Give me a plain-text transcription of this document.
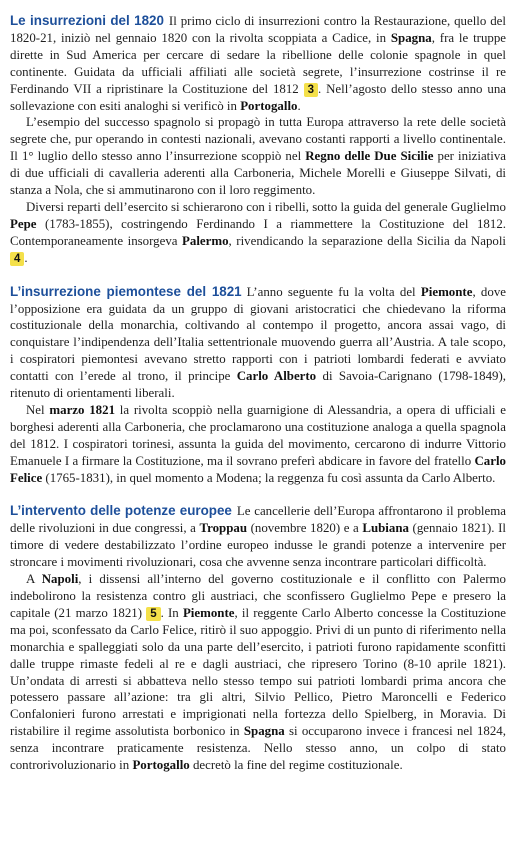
Le insurrezioni del 1820 Il primo ciclo di insurrezioni contro la Restaurazione, quello del 1820-21, iniziò nel gennaio 1820 con la rivolta scoppiata a Cadice, in Spagna, fra le truppe dirette in Sud America per cercare di sedare la ribellione delle colonie spagnole in quel continente. Guidata da ufficiali affiliati alle società segrete, l’insurrezione costrinse il re Ferdinando VII a ripristinare la Costituzione del 1812 3 . Nell’agosto dello stesso anno una sollevazione con esiti analoghi si verificò in Portogallo.

L’esempio del successo spagnolo si propagò in tutta Europa attraverso la rete delle società segrete che, pur operando in contesti nazionali, avevano costanti rapporti a livello continentale. Il 1° luglio dello stesso anno l’insurrezione scoppiò nel Regno delle Due Sicilie per iniziativa di due ufficiali di cavalleria aderenti alla Carboneria, Michele Morelli e Giuseppe Silvati, di stanza a Nola, che si ammutinarono con il loro reggimento.

Diversi reparti dell’esercito si schierarono con i ribelli, sotto la guida del generale Guglielmo Pepe (1783-1855), costringendo Ferdinando I a riammettere la Costituzione del 1812. Contemporaneamente insorgeva Palermo, rivendicando la separazione della Sicilia da Napoli 4 .

L’insurrezione piemontese del 1821 L’anno seguente fu la volta del Piemonte, dove l’opposizione era guidata da un gruppo di giovani aristocratici che chiedevano la riforma costituzionale della monarchia, coltivando al contempo il progetto, ancora assai vago, di conquistare l’indipendenza dell’Italia settentrionale muovendo guerra all’Austria. A tale scopo, i cospiratori piemontesi avevano stretto rapporti con i patrioti lombardi federati e avviato contatti con l’erede al trono, il principe Carlo Alberto di Savoia-Carignano (1798-1849), ritenuto di orientamenti liberali.

Nel marzo 1821 la rivolta scoppiò nella guarnigione di Alessandria, a opera di ufficiali e borghesi aderenti alla Carboneria, che proclamarono una costituzione analoga a quella spagnola del 1812. I cospiratori torinesi, assunta la guida del movimento, cercarono di indurre Vittorio Emanuele I a firmare la Costituzione, ma il sovrano preferì abdicare in favore del fratello Carlo Felice (1765-1831), in quel momento a Modena; la reggenza fu così assunta da Carlo Alberto.

L’intervento delle potenze europee Le cancellerie dell’Europa affrontarono il problema delle rivoluzioni in due congressi, a Troppau (novembre 1820) e a Lubiana (gennaio 1821). Il timore di vedere destabilizzato l’ordine europeo indusse le grandi potenze a intervenire per stroncare i movimenti rivoluzionari, cosa che avvenne senza incontrare particolari difficoltà.

A Napoli, i dissensi all’interno del governo costituzionale e il conflitto con Palermo indebolirono la resistenza contro gli austriaci, che sconfissero Guglielmo Pepe e presero la capitale (21 marzo 1821) 5 . In Piemonte, il reggente Carlo Alberto concesse la Costituzione ma poi, sconfessato da Carlo Felice, ritirò il suo appoggio. Privi di un punto di riferimento nella monarchia e spalleggiati solo da una parte dell’esercito, i patrioti furono rapidamente sconfitti dalle truppe rimaste fedeli al re e dagli austriaci, che ripresero Torino (8-10 aprile 1821). Un’ondata di arresti si abbatteva nello stesso tempo sui patrioti lombardi prima ancora che potessero passare all’azione: tra gli altri, Silvio Pellico, Pietro Maroncelli e Federico Confalonieri furono arrestati e imprigionati nella fortezza dello Spielberg, in Moravia. Di ristabilire il regime assolutista borbonico in Spagna si occuparono invece i francesi nel 1824, senza incontrare praticamente resistenza. Nello stesso anno, un colpo di stato controrivoluzionario in Portogallo decretò la fine del regime costituzionale.
